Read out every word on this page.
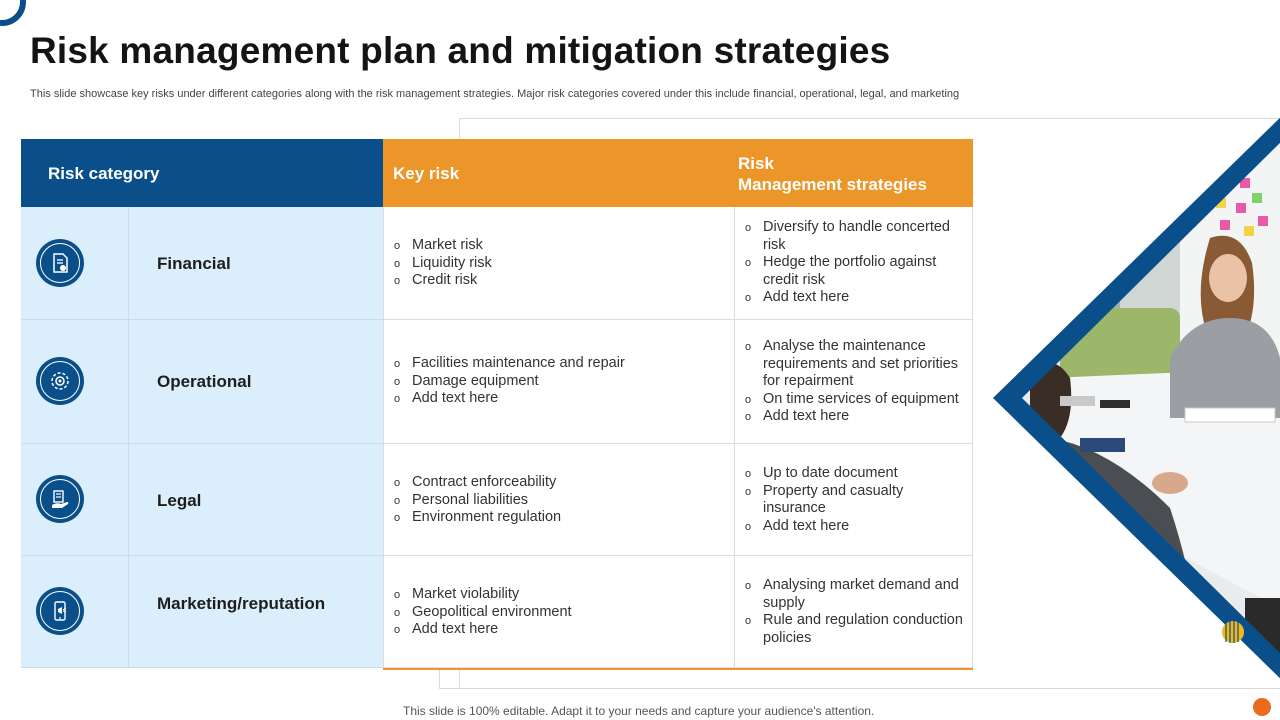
Risk management plan and mitigation strategies

This slide showcase key risks under different categories along with the risk management strategies. Major risk categories covered under this include financial, operational, legal, and marketing

Risk category	Key risk
Risk
Management strategies
Financial
o Market risk
o Liquidity risk
o Credit risk
o Diversify to handle concerted risk
o Hedge the portfolio against credit risk
o Add text here
Operational
o Facilities maintenance and repair
o Damage equipment
o Add text here
o Analyse the maintenance requirements and set priorities for repairment
o On time services of equipment
o Add text here
Legal
o Contract enforceability
o Personal liabilities
o Environment regulation
o Up to date document
o Property and casualty insurance
o Add text here
Marketing/reputation
o	Market violability
o Geopolitical environment
o Add text here
o Analysing market demand and supply
o Rule and regulation conduction policies

This slide is 100% editable. Adapt it to your needs and capture your audience's attention.
